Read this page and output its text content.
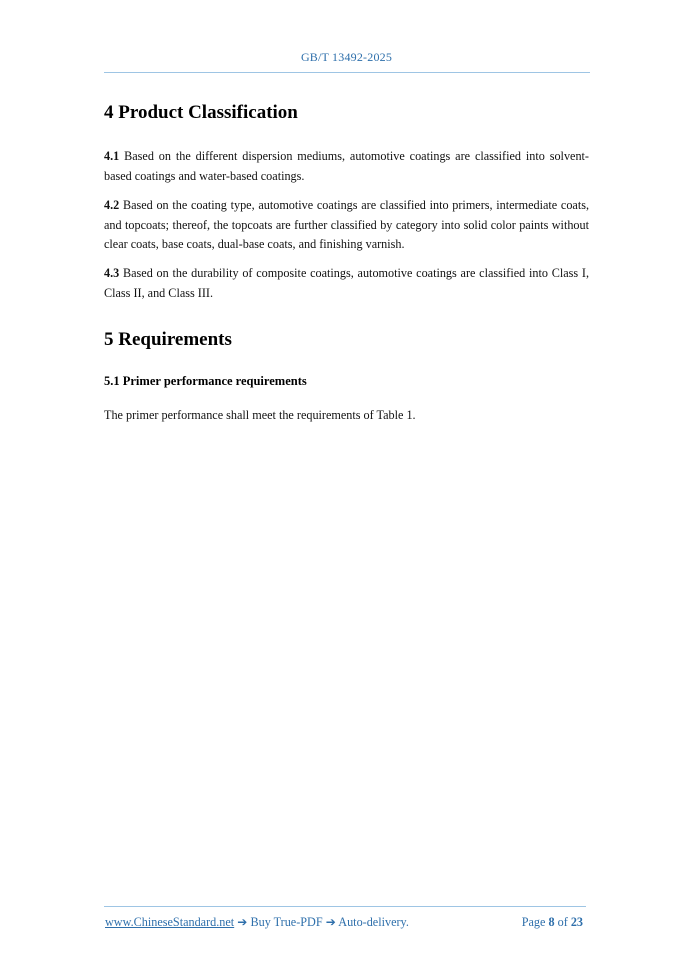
GB/T 13492-2025
4 Product Classification

4.1 Based on the different dispersion mediums, automotive coatings are classified into solvent-based coatings and water-based coatings.

4.2 Based on the coating type, automotive coatings are classified into primers, intermediate coats, and topcoats; thereof, the topcoats are further classified by category into solid color paints without clear coats, base coats, dual-base coats, and finishing varnish.

4.3 Based on the durability of composite coatings, automotive coatings are classified into Class I, Class II, and Class III.

5 Requirements
5.1 Primer performance requirements

The primer performance shall meet the requirements of Table 1.

www.ChineseStandard.net ➔ Buy True-PDF ➔ Auto-delivery.	Page 8 of 23
